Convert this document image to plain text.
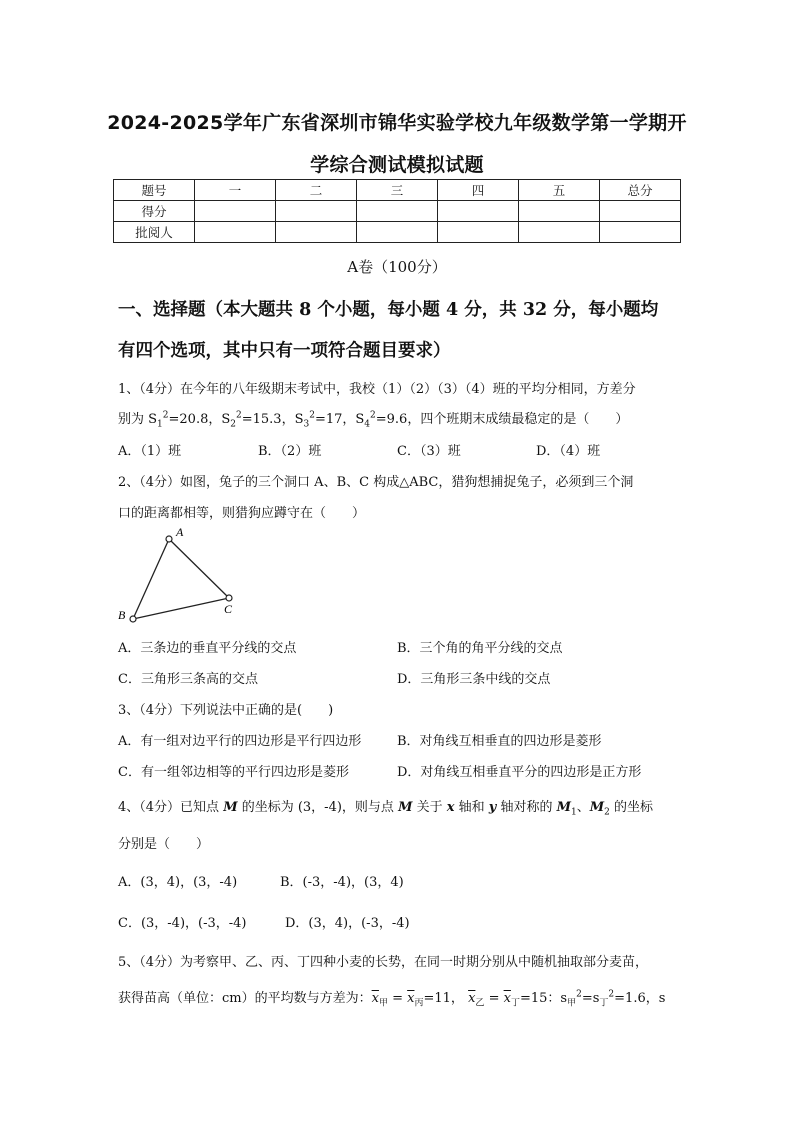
2024-2025学年广东省深圳市锦华实验学校九年级数学第一学期开
学综合测试模拟试题
题号	一	二	三	四	五	总分
得分						
批阅人						
A卷（100分）
一、选择题（本大题共 8 个小题，每小题 4 分，共 32 分，每小题均
有四个选项，其中只有一项符合题目要求）
1、（4分）在今年的八年级期末考试中，我校（1）（2）（3）（4）班的平均分相同，方差分
别为 $S_1^2=20.8$，$S_2^2=15.3$，$S_3^2=17$，$S_4^2=9.6$，四个班期末成绩最稳定的是（　　）
A．（1）班	B．（2）班	C．（3）班	D．（4）班
2、（4分）如图，兔子的三个洞口 A、B、C 构成△ABC，猎狗想捕捉兔子，必须到三个洞
口的距离都相等，则猎狗应蹲守在（　　）
A
B	C
A．三条边的垂直平分线的交点	B．三个角的角平分线的交点
C．三角形三条高的交点	D．三角形三条中线的交点
3、（4分）下列说法中正确的是(　　)
A．有一组对边平行的四边形是平行四边形	B．对角线互相垂直的四边形是菱形
C．有一组邻边相等的平行四边形是菱形	D．对角线互相垂直平分的四边形是正方形
4、（4分）已知点 M 的坐标为 (3，-4)，则与点 M 关于 x 轴和 y 轴对称的 $M_1$、$M_2$ 的坐标
分别是（　　）
A．(3，4)，(3，-4)	B．(-3，-4)，(3，4)
C．(3，-4)，(-3，-4)	D．(3，4)，(-3，-4)
5、（4分）为考察甲、乙、丙、丁四种小麦的长势，在同一时期分别从中随机抽取部分麦苗，
获得苗高（单位：cm）的平均数与方差为：$\overline{x}_甲 = \overline{x}_丙=11$， $\overline{x}_乙 = \overline{x}_丁=15$：$s_甲^2=s_丁^2=1.6$，s
